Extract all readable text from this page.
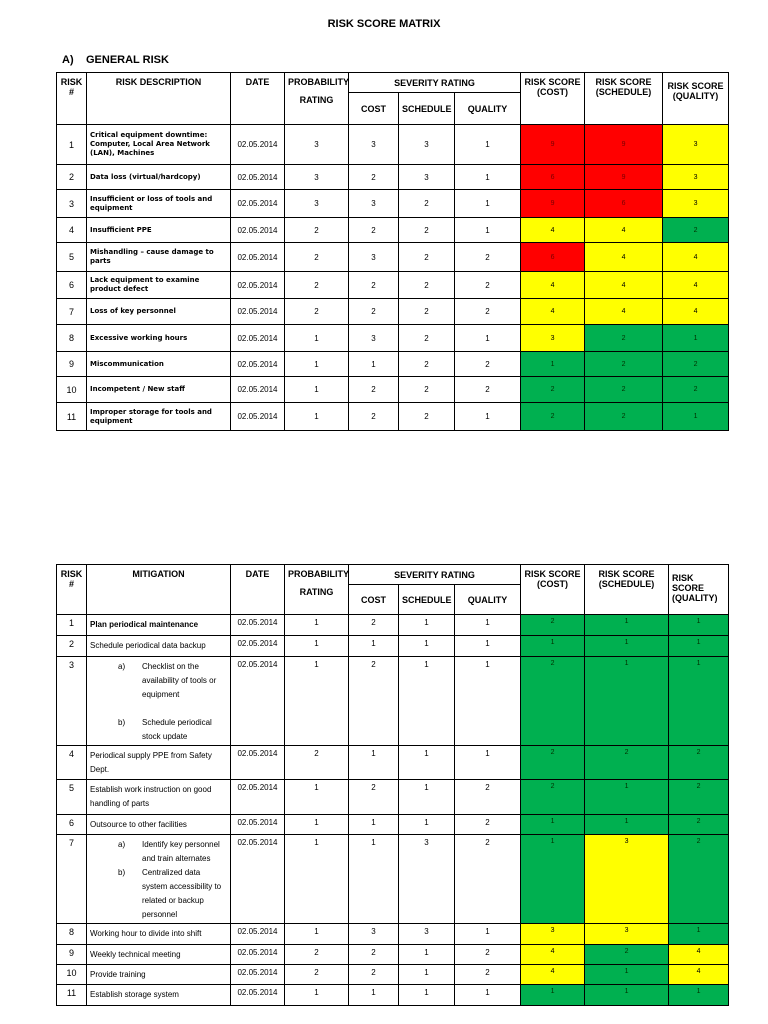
RISK SCORE MATRIX
A) GENERAL RISK
RISK #	RISK DESCRIPTION	DATE	PROBABILITY
RATING	SEVERITY RATING			RISK SCORE (COST)	RISK SCORE (SCHEDULE)	RISK SCORE (QUALITY)
				COST	SCHEDULE	QUALITY			
1	Critical equipment downtime: Computer, Local Area Network (LAN), Machines	02.05.2014	3	3	3	1	9	9	3
2	Data loss (virtual/hardcopy)	02.05.2014	3	2	3	1	6	9	3
3	Insufficient or loss of tools and equipment	02.05.2014	3	3	2	1	9	6	3
4	Insufficient PPE	02.05.2014	2	2	2	1	4	4	2
5	Mishandling – cause damage to parts	02.05.2014	2	3	2	2	6	4	4
6	Lack equipment to examine product defect	02.05.2014	2	2	2	2	4	4	4
7	Loss of key personnel	02.05.2014	2	2	2	2	4	4	4
8	Excessive working hours	02.05.2014	1	3	2	1	3	2	1
9	Miscommunication	02.05.2014	1	1	2	2	1	2	2
10	Incompetent / New staff	02.05.2014	1	2	2	2	2	2	2
11	Improper storage for tools and equipment	02.05.2014	1	2	2	1	2	2	1
RISK #	MITIGATION	DATE	PROBABILITY
RATING	SEVERITY RATING			RISK SCORE (COST)	RISK SCORE (SCHEDULE)	RISK SCORE (QUALITY)
				COST	SCHEDULE	QUALITY			
1	Plan periodical maintenance	02.05.2014	1	2	1	1	2	1	1
2	Schedule periodical data backup	02.05.2014	1	1	1	1	1	1	1
3	a) Checklist on the availability of tools or equipment
b) Schedule periodical stock update	02.05.2014	1	2	1	1	2	1	1
4	Periodical supply PPE from Safety Dept.	02.05.2014	2	1	1	1	2	2	2
5	Establish work instruction on good handling of parts	02.05.2014	1	2	1	2	2	1	2
6	Outsource to other facilities	02.05.2014	1	1	1	2	1	1	2
7	a) Identify key personnel and train alternates
b) Centralized data system accessibility to related or backup personnel	02.05.2014	1	1	3	2	1	3	2
8	Working hour to divide into shift	02.05.2014	1	3	3	1	3	3	1
9	Weekly technical meeting	02.05.2014	2	2	1	2	4	2	4
10	Provide training	02.05.2014	2	2	1	2	4	1	4
11	Establish storage system	02.05.2014	1	1	1	1	1	1	1
